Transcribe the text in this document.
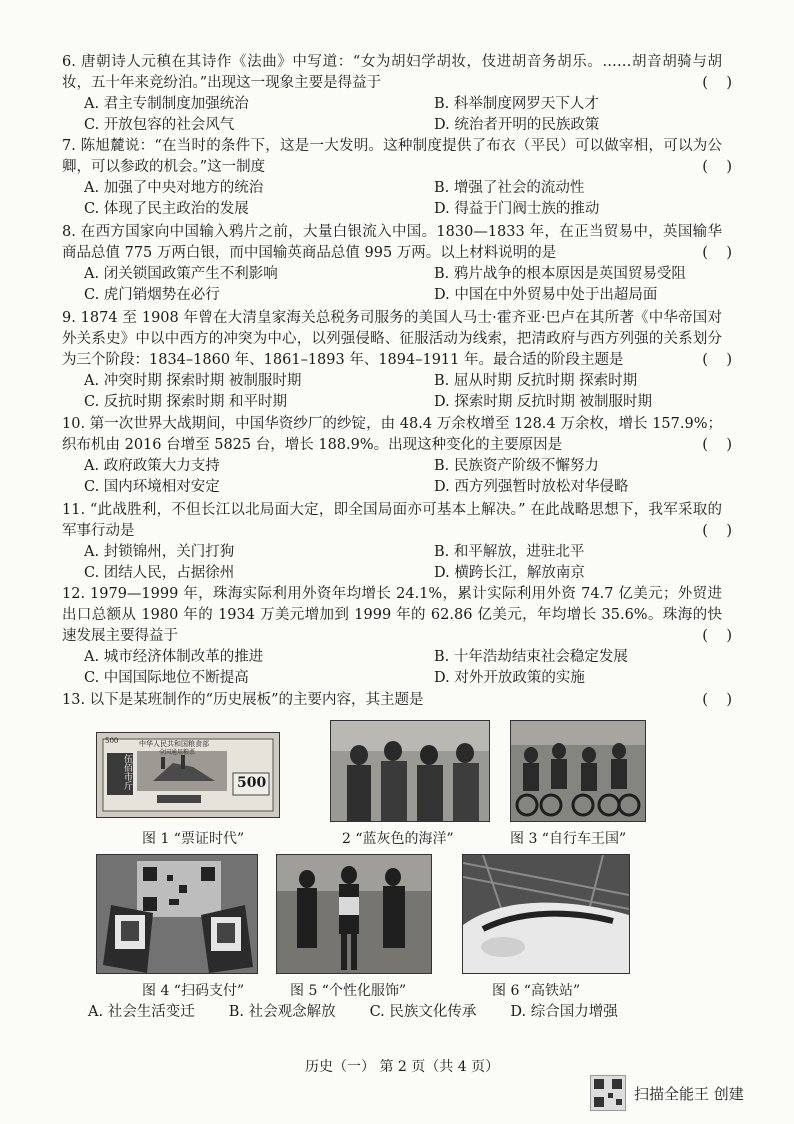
6. 唐朝诗人元稹在其诗作《法曲》中写道：“女为胡妇学胡妆，伎进胡音务胡乐。……胡音胡骑与胡妆，五十年来竞纷泊。”出现这一现象主要是得益于	(    )
A. 君主专制制度加强统治	B. 科举制度网罗天下人才
C. 开放包容的社会风气	D. 统治者开明的民族政策

7. 陈旭麓说：“在当时的条件下，这是一大发明。这种制度提供了布衣（平民）可以做宰相，可以为公卿，可以参政的机会。”这一制度	(    )
A. 加强了中央对地方的统治	B. 增强了社会的流动性
C. 体现了民主政治的发展	D. 得益于门阀士族的推动

8. 在西方国家向中国输入鸦片之前，大量白银流入中国。1830—1833 年，在正当贸易中，英国输华商品总值 775 万两白银，而中国输英商品总值 995 万两。以上材料说明的是	(    )
A. 闭关锁国政策产生不利影响	B. 鸦片战争的根本原因是英国贸易受阻
C. 虎门销烟势在必行	D. 中国在中外贸易中处于出超局面

9. 1874 至 1908 年曾在大清皇家海关总税务司服务的美国人马士·霍齐亚·巴卢在其所著《中华帝国对外关系史》中以中西方的冲突为中心，以列强侵略、征服活动为线索，把清政府与西方列强的关系划分为三个阶段：1834–1860 年、1861–1893 年、1894–1911 年。最合适的阶段主题是	(    )
A. 冲突时期 探索时期 被制服时期	B. 屈从时期 反抗时期 探索时期
C. 反抗时期 探索时期 和平时期	D. 探索时期 反抗时期 被制服时期

10. 第一次世界大战期间，中国华资纱厂的纱锭，由 48.4 万余枚增至 128.4 万余枚，增长 157.9%；织布机由 2016 台增至 5825 台，增长 188.9%。出现这种变化的主要原因是	(    )
A. 政府政策大力支持	B. 民族资产阶级不懈努力
C. 国内环境相对安定	D. 西方列强暂时放松对华侵略

11. “此战胜利，不但长江以北局面大定，即全国局面亦可基本上解决。” 在此战略思想下，我军采取的军事行动是	(    )
A. 封锁锦州，关门打狗	B. 和平解放，进驻北平
C. 团结人民，占据徐州	D. 横跨长江，解放南京

12. 1979—1999 年，珠海实际利用外资年均增长 24.1%，累计实际利用外资 74.7 亿美元；外贸进出口总额从 1980 年的 1934 万美元增加到 1999 年的 62.86 亿美元，年均增长 35.6%。珠海的快速发展主要得益于	(    )
A. 城市经济体制改革的推进	B. 十年浩劫结束社会稳定发展
C. 中国国际地位不断提高	D. 对外开放政策的实施

13. 以下是某班制作的“历史展板”的主要内容，其主题是	(    )
中华人民共和国粮食部
全国通用粮票
伍佰市斤	500
500
图 1 “票证时代”	2 “蓝灰色的海洋”	图 3 “自行车王国”
图 4 “扫码支付”	图 5 “个性化服饰”	图 6 “高铁站”
A. 社会生活变迁 B. 社会观念解放 C. 民族文化传承 D. 综合国力增强
历史（一） 第 2 页（共 4 页）
扫描全能王 创建
